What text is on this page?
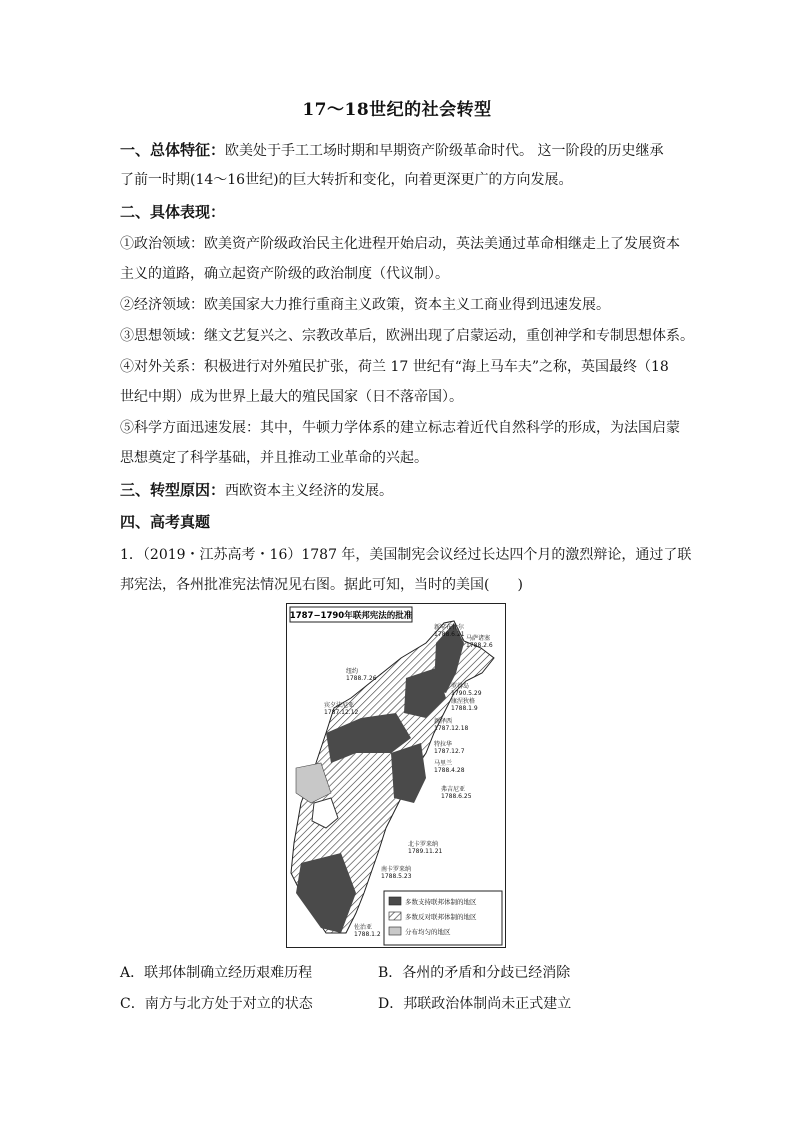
17～18世纪的社会转型
一、总体特征：欧美处于手工工场时期和早期资产阶级革命时代。 这一阶段的历史继承
了前一时期(14～16世纪)的巨大转折和变化，向着更深更广的方向发展。
二、具体表现：
①政治领域：欧美资产阶级政治民主化进程开始启动，英法美通过革命相继走上了发展资本
主义的道路，确立起资产阶级的政治制度（代议制）。
②经济领域：欧美国家大力推行重商主义政策，资本主义工商业得到迅速发展。
③思想领域：继文艺复兴之、宗教改革后，欧洲出现了启蒙运动，重创神学和专制思想体系。
④对外关系：积极进行对外殖民扩张，荷兰 17 世纪有“海上马车夫”之称，英国最终（18
世纪中期）成为世界上最大的殖民国家（日不落帝国）。
⑤科学方面迅速发展：其中，牛顿力学体系的建立标志着近代自然科学的形成，为法国启蒙
思想奠定了科学基础，并且推动工业革命的兴起。
三、转型原因：西欧资本主义经济的发展。
四、高考真题
1．（2019・江苏高考・16）1787 年，美国制宪会议经过长达四个月的激烈辩论，通过了联
邦宪法，各州批准宪法情况见右图。据此可知，当时的美国(　　)
1787−1790年联邦宪法的批准
新罕布什尔
1788.6.21
马萨诸塞
1788.2.6
纽约
1788.7.26
罗得岛
1790.5.29
康涅狄格
1788.1.9
宾夕法尼亚
1787.12.12
新泽西
1787.12.18
特拉华
1787.12.7
马里兰
1788.4.28
弗吉尼亚
1788.6.25
北卡罗来纳
1789.11.21
南卡罗来纳
1788.5.23
佐治亚
1788.1.2
多数支持联邦体制的地区
多数反对联邦体制的地区
分布均匀的地区
A．联邦体制确立经历艰难历程	B．各州的矛盾和分歧已经消除
C．南方与北方处于对立的状态	D．邦联政治体制尚未正式建立
